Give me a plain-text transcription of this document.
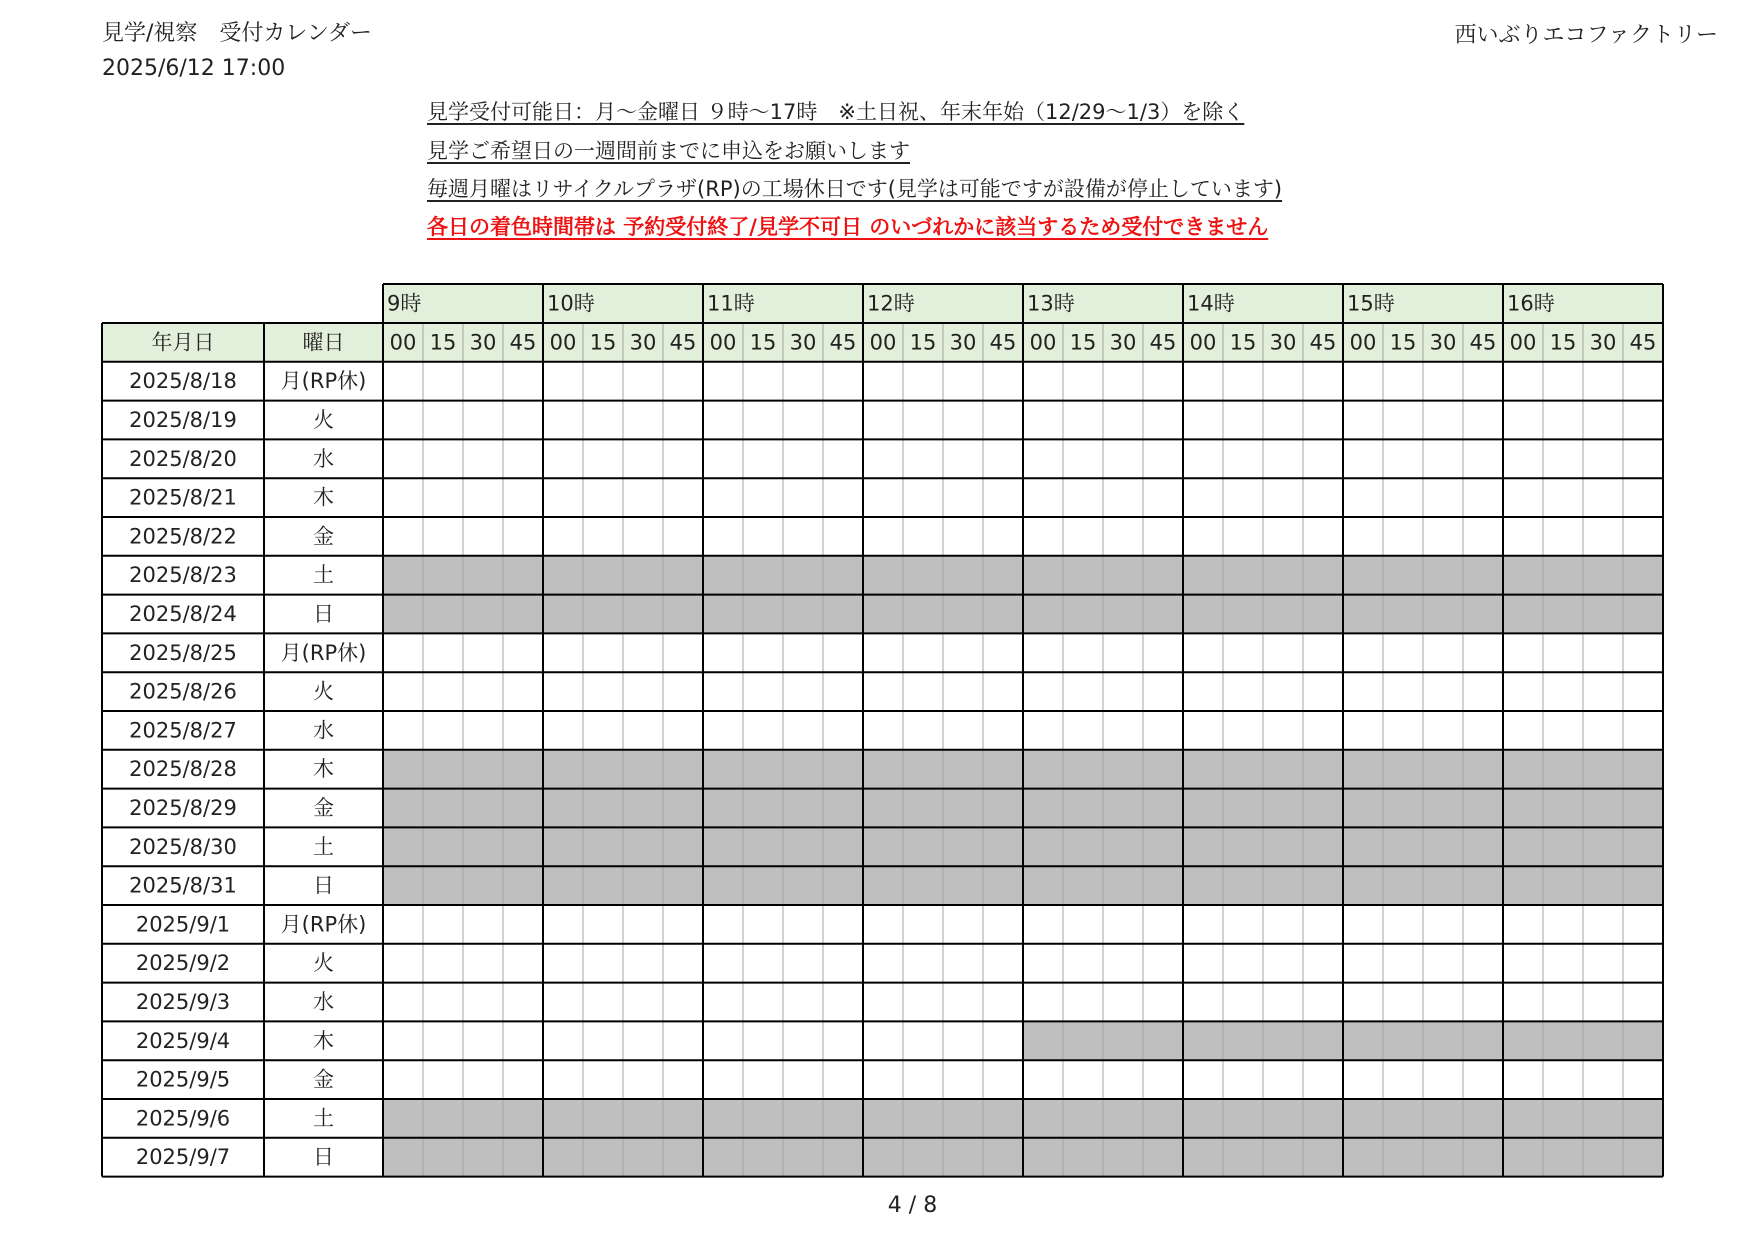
見学/視察　受付カレンダー
2025/6/12 17:00
西いぶりエコファクトリー
見学受付可能日：月～金曜日 ９時～17時　※土日祝、年末年始（12/29～1/3）を除く
見学ご希望日の一週間前までに申込をお願いします
毎週月曜はリサイクルプラザ(RP)の工場休日です(見学は可能ですが設備が停止しています)
各日の着色時間帯は 予約受付終了/見学不可日 のいづれかに該当するため受付できません
年月日	曜日
9時	10時	11時	12時	13時	14時	15時	16時
00 15 30 45 00 15 30 45 00 15 30 45 00 15 30 45 00 15 30 45 00 15 30 45 00 15 30 45 00 15 30 45
2025/8/18 月(RP休)
2025/8/19	火
2025/8/20	水
2025/8/21	木
2025/8/22	金
2025/8/23	土
2025/8/24	日
2025/8/25 月(RP休)
2025/8/26	火
2025/8/27	水
2025/8/28	木
2025/8/29	金
2025/8/30	土
2025/8/31	日
2025/9/1 月(RP休)
2025/9/2	火
2025/9/3	水
2025/9/4	木
2025/9/5	金
2025/9/6	土
2025/9/7	日
4 / 8
